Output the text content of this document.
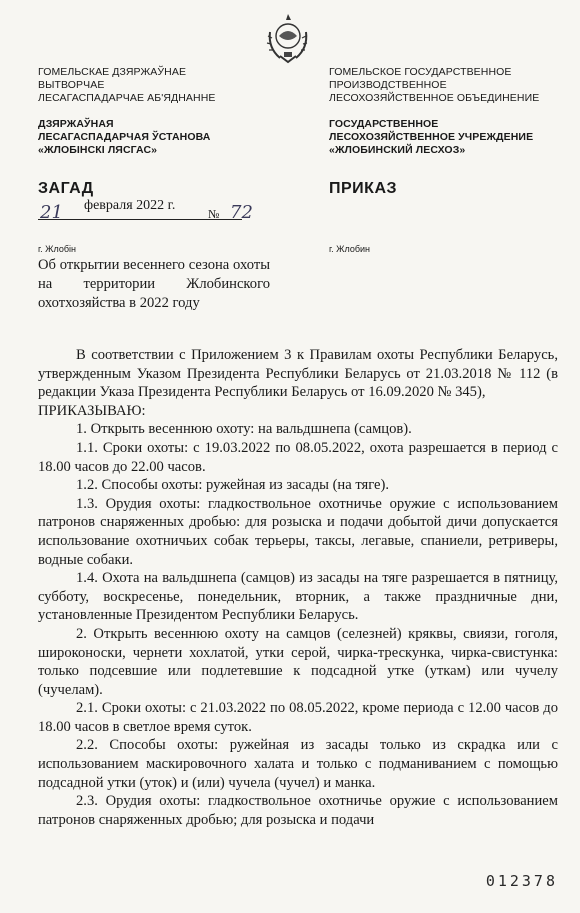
ГОМЕЛЬСКАЕ ДЗЯРЖАЎНАЕ
ВЫТВОРЧАЕ
ЛЕСАГАСПАДАРЧАЕ АБ'ЯДНАННЕ
ДЗЯРЖАЎНАЯ
ЛЕСАГАСПАДАРЧАЯ ЎСТАНОВА
«ЖЛОБІНСКІ ЛЯСГАС»
ГОМЕЛЬСКОЕ ГОСУДАРСТВЕННОЕ
ПРОИЗВОДСТВЕННОЕ
ЛЕСОХОЗЯЙСТВЕННОЕ ОБЪЕДИНЕНИЕ
ГОСУДАРСТВЕННОЕ
ЛЕСОХОЗЯЙСТВЕННОЕ УЧРЕЖДЕНИЕ
«ЖЛОБИНСКИЙ ЛЕСХОЗ»
ЗАГАД	ПРИКАЗ
21 февраля 2022 г.
№ 72
г. Жлобін	г. Жлобин
Об открытии весеннего сезона охоты на территории Жлобинского охотхозяйства в 2022 году

В соответствии с Приложением 3 к Правилам охоты Республики Беларусь, утвержденным Указом Президента Республики Беларусь от 21.03.2018 № 112 (в редакции Указа Президента Республики Беларусь от 16.09.2020 № 345),

ПРИКАЗЫВАЮ:

1. Открыть весеннюю охоту: на вальдшнепа (самцов).

1.1. Сроки охоты: с 19.03.2022 по 08.05.2022, охота разрешается в период с 18.00 часов до 22.00 часов.

1.2. Способы охоты: ружейная из засады (на тяге).

1.3. Орудия охоты: гладкоствольное охотничье оружие с использованием патронов снаряженных дробью: для розыска и подачи добытой дичи допускается использование охотничьих собак терьеры, таксы, легавые, спаниели, ретриверы, водные собаки.

1.4. Охота на вальдшнепа (самцов) из засады на тяге разрешается в пятницу, субботу, воскресенье, понедельник, вторник, а также праздничные дни, установленные Президентом Республики Беларусь.

2. Открыть весеннюю охоту на самцов (селезней) кряквы, свиязи, гоголя, широконоски, чернети хохлатой, утки серой, чирка-трескунка, чирка-свистунка: только подсевшие или подлетевшие к подсадной утке (уткам) или чучелу (чучелам).

2.1. Сроки охоты: с 21.03.2022 по 08.05.2022, кроме периода с 12.00 часов до 18.00 часов в светлое время суток.

2.2. Способы охоты: ружейная из засады только из скрадка или с использованием маскировочного халата и только с подманиванием с помощью подсадной утки (уток) и (или) чучела (чучел) и манка.

2.3. Орудия охоты: гладкоствольное охотничье оружие с использованием патронов снаряженных дробью; для розыска и подачи

012378
